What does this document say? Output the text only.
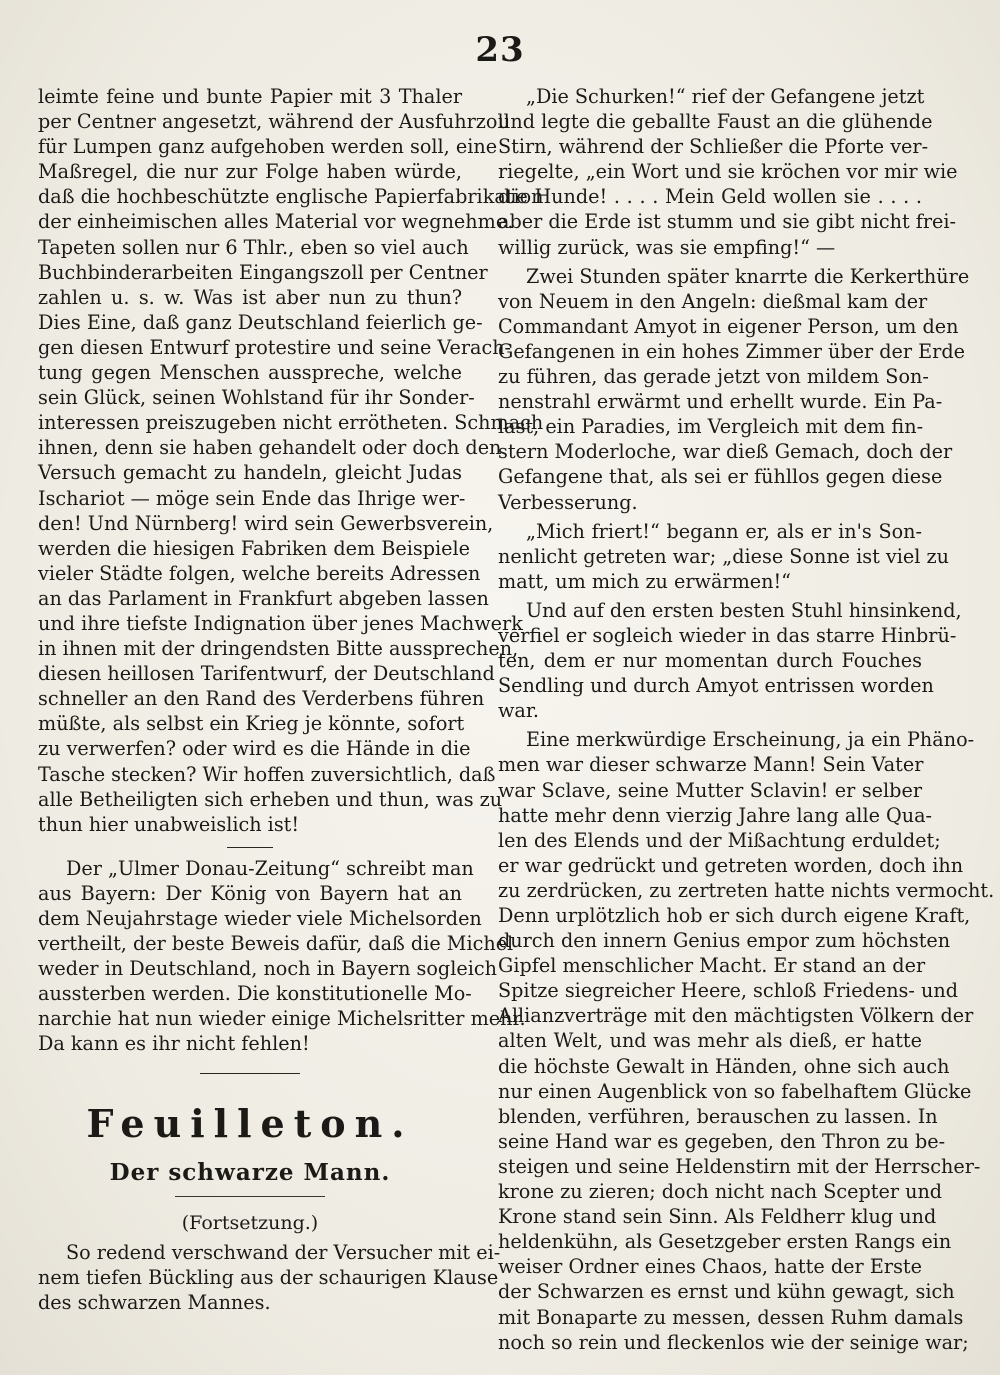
23
leimte feine und bunte Papier mit 3 Thaler
per Centner angesetzt, während der Ausfuhrzoll
für Lumpen ganz aufgehoben werden soll, eine
Maßregel, die nur zur Folge haben würde,
daß die hochbeschützte englische Papierfabrikation
der einheimischen alles Material vor wegnehme.
Tapeten sollen nur 6 Thlr., eben so viel auch
Buchbinderarbeiten Eingangszoll per Centner
zahlen u. s. w. Was ist aber nun zu thun?
Dies Eine, daß ganz Deutschland feierlich ge-
gen diesen Entwurf protestire und seine Verach-
tung gegen Menschen ausspreche, welche
sein Glück, seinen Wohlstand für ihr Sonder-
interessen preiszugeben nicht errötheten. Schmach
ihnen, denn sie haben gehandelt oder doch den
Versuch gemacht zu handeln, gleicht Judas
Ischariot — möge sein Ende das Ihrige wer-
den! Und Nürnberg! wird sein Gewerbsverein,
werden die hiesigen Fabriken dem Beispiele
vieler Städte folgen, welche bereits Adressen
an das Parlament in Frankfurt abgeben lassen
und ihre tiefste Indignation über jenes Machwerk
in ihnen mit der dringendsten Bitte aussprechen,
diesen heillosen Tarifentwurf, der Deutschland
schneller an den Rand des Verderbens führen
müßte, als selbst ein Krieg je könnte, sofort
zu verwerfen? oder wird es die Hände in die
Tasche stecken? Wir hoffen zuversichtlich, daß
alle Betheiligten sich erheben und thun, was zu
thun hier unabweislich ist!
Der „Ulmer Donau-Zeitung“ schreibt man
aus Bayern: Der König von Bayern hat an
dem Neujahrstage wieder viele Michelsorden
vertheilt, der beste Beweis dafür, daß die Michel
weder in Deutschland, noch in Bayern sogleich
aussterben werden. Die konstitutionelle Mo-
narchie hat nun wieder einige Michelsritter mehr.
Da kann es ihr nicht fehlen!
Feuilleton.
Der schwarze Mann.
(Fortsetzung.)
So redend verschwand der Versucher mit ei-
nem tiefen Bückling aus der schaurigen Klause
des schwarzen Mannes.
„Die Schurken!“ rief der Gefangene jetzt
und legte die geballte Faust an die glühende
Stirn, während der Schließer die Pforte ver-
riegelte, „ein Wort und sie kröchen vor mir wie
die Hunde! . . . . Mein Geld wollen sie . . . .
aber die Erde ist stumm und sie gibt nicht frei-
willig zurück, was sie empfing!“ —
Zwei Stunden später knarrte die Kerkerthüre
von Neuem in den Angeln: dießmal kam der
Commandant Amyot in eigener Person, um den
Gefangenen in ein hohes Zimmer über der Erde
zu führen, das gerade jetzt von mildem Son-
nenstrahl erwärmt und erhellt wurde. Ein Pa-
last, ein Paradies, im Vergleich mit dem fin-
stern Moderloche, war dieß Gemach, doch der
Gefangene that, als sei er fühllos gegen diese
Verbesserung.
„Mich friert!“ begann er, als er in's Son-
nenlicht getreten war; „diese Sonne ist viel zu
matt, um mich zu erwärmen!“
Und auf den ersten besten Stuhl hinsinkend,
verfiel er sogleich wieder in das starre Hinbrü-
ten, dem er nur momentan durch Fouches
Sendling und durch Amyot entrissen worden
war.
Eine merkwürdige Erscheinung, ja ein Phäno-
men war dieser schwarze Mann! Sein Vater
war Sclave, seine Mutter Sclavin! er selber
hatte mehr denn vierzig Jahre lang alle Qua-
len des Elends und der Mißachtung erduldet;
er war gedrückt und getreten worden, doch ihn
zu zerdrücken, zu zertreten hatte nichts vermocht.
Denn urplötzlich hob er sich durch eigene Kraft,
durch den innern Genius empor zum höchsten
Gipfel menschlicher Macht. Er stand an der
Spitze siegreicher Heere, schloß Friedens- und
Allianzverträge mit den mächtigsten Völkern der
alten Welt, und was mehr als dieß, er hatte
die höchste Gewalt in Händen, ohne sich auch
nur einen Augenblick von so fabelhaftem Glücke
blenden, verführen, berauschen zu lassen. In
seine Hand war es gegeben, den Thron zu be-
steigen und seine Heldenstirn mit der Herrscher-
krone zu zieren; doch nicht nach Scepter und
Krone stand sein Sinn. Als Feldherr klug und
heldenkühn, als Gesetzgeber ersten Rangs ein
weiser Ordner eines Chaos, hatte der Erste
der Schwarzen es ernst und kühn gewagt, sich
mit Bonaparte zu messen, dessen Ruhm damals
noch so rein und fleckenlos wie der seinige war;
